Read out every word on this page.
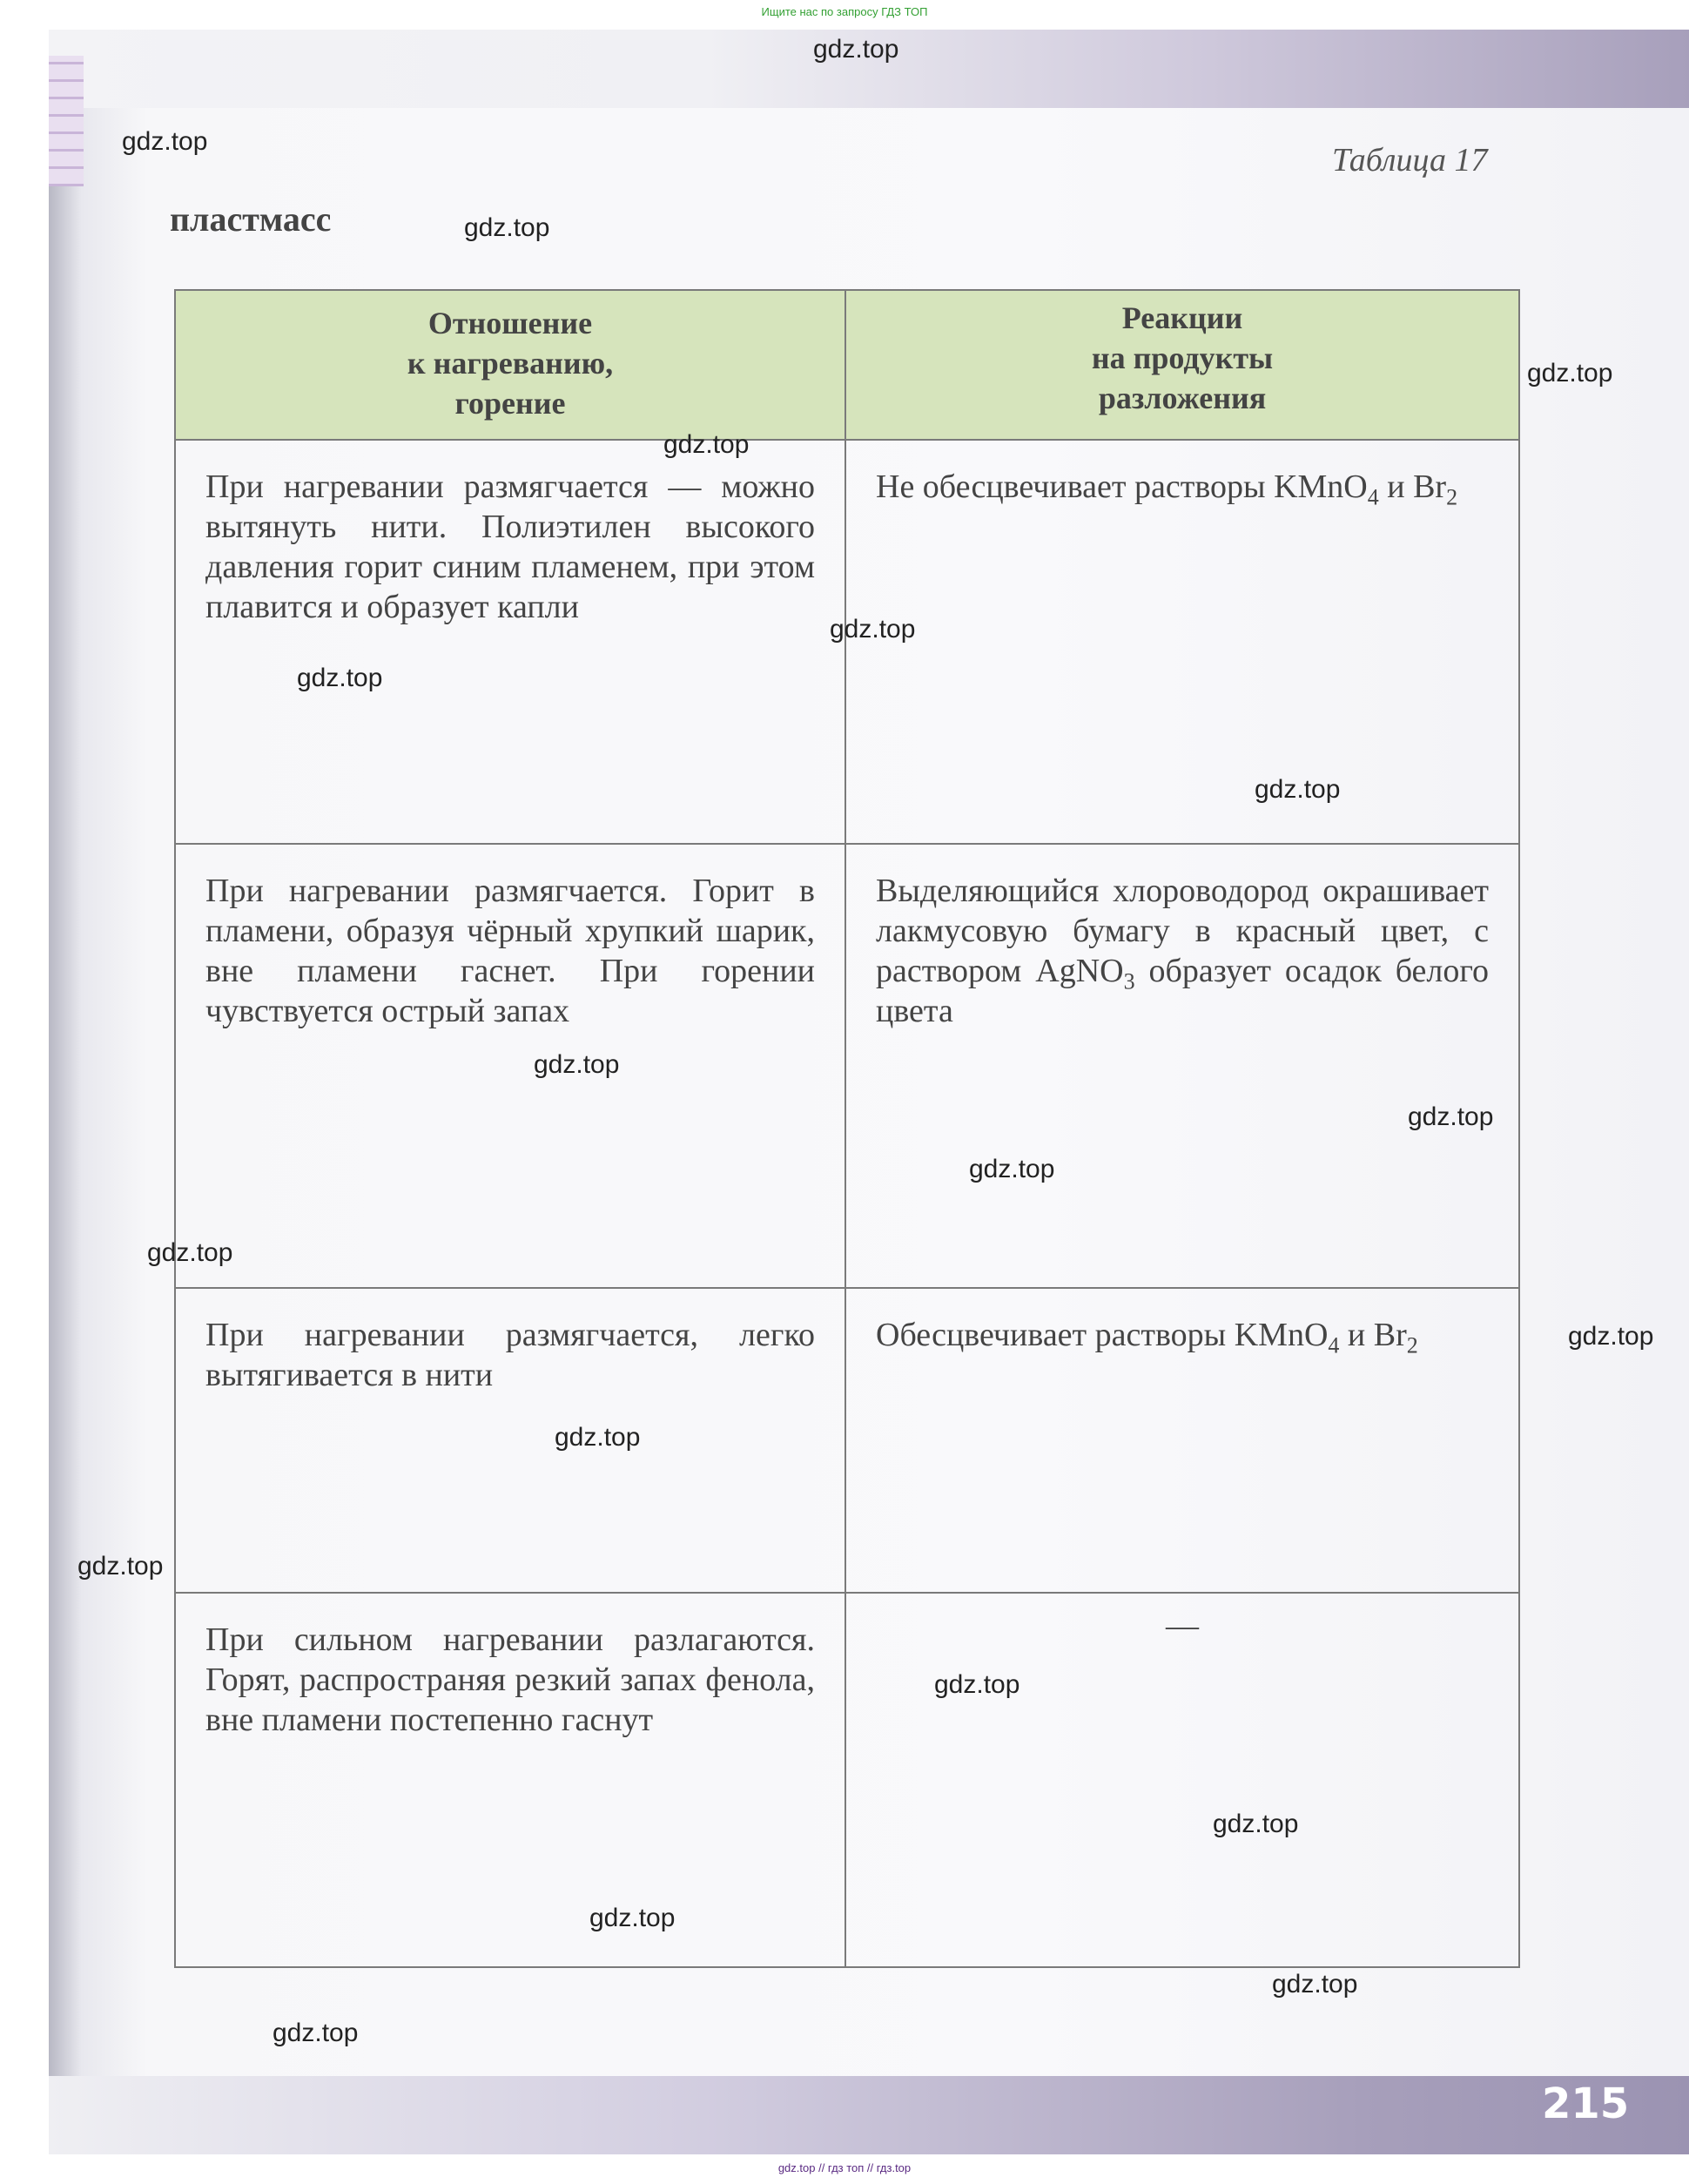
Ищите нас по запросу ГДЗ ТОП
215
Таблица 17
пластмасс
Отношение
к нагреванию,
горение	Реакции
на продукты
разложения
При нагревании размягчается — можно вытянуть нити. Полиэтилен высокого давления горит синим пламенем, при этом плавится и образует капли	Не обесцвечивает растворы KMnO$_4$ и $Br_2$
При нагревании размягчается. Горит в пламени, образуя чёрный хрупкий шарик, вне пламени гаснет. При горении чувствуется острый запах	Выделяющийся хлороводород окрашивает лакмусовую бумагу в красный цвет, с раствором AgNO$_3$ образует осадок белого цвета
При нагревании размягчается, легко вытягивается в нити	Обесцвечивает растворы KMnO$_4$ и $Br_2$
При сильном нагревании разлагаются. Горят, распространяя резкий запах фенола, вне пламени постепенно гаснут	—
gdz.top
gdz.top
gdz.top
gdz.top
gdz.top
gdz.top
gdz.top
gdz.top
gdz.top
gdz.top
gdz.top
gdz.top
gdz.top
gdz.top
gdz.top
gdz.top
gdz.top
gdz.top
gdz.top
gdz.top
gdz.top // гдз топ // гдз.top
